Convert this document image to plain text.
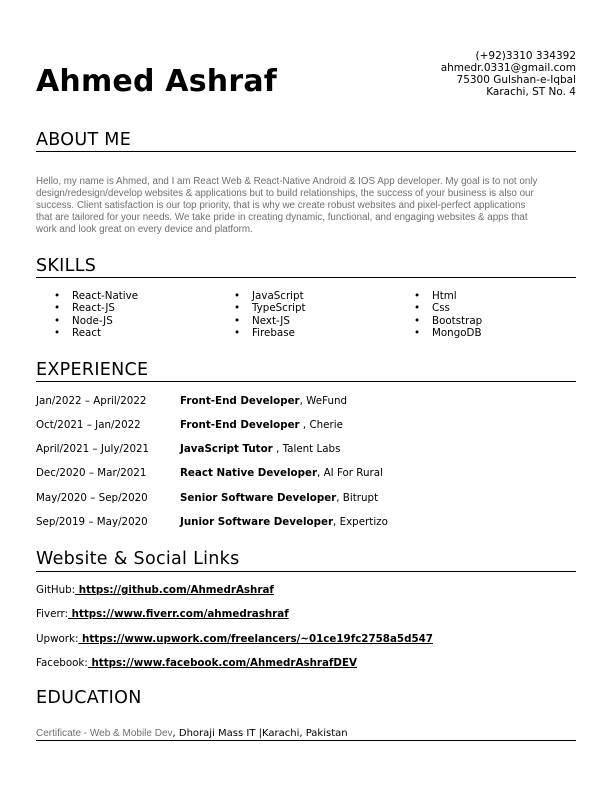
Ahmed Ashraf
(+92)3310 334392
ahmedr.0331@gmail.com
75300 Gulshan-e-Iqbal
Karachi, ST No. 4
ABOUT ME
Hello, my name is Ahmed, and I am React Web & React-Native Android & IOS App developer. My goal is to not only design/redesign/develop websites & applications but to build relationships, the success of your business is also our success. Client satisfaction is our top priority, that is why we create robust websites and pixel-perfect applications that are tailored for your needs. We take pride in creating dynamic, functional, and engaging websites & apps that work and look great on every device and platform.
SKILLS
• React-Native
• React-JS
• Node-JS
• React
• JavaScript
• TypeScript
• Next-JS
• Firebase
• Html
• Css
• Bootstrap
• MongoDB
EXPERIENCE
Jan/2022 – April/2022	Front-End Developer, WeFund
Oct/2021 – Jan/2022	Front-End Developer , Cherie
April/2021 – July/2021	JavaScript Tutor , Talent Labs
Dec/2020 – Mar/2021	React Native Developer, AI For Rural
May/2020 – Sep/2020	Senior Software Developer, Bitrupt
Sep/2019 – May/2020	Junior Software Developer, Expertizo
Website & Social Links
GitHub: https://github.com/AhmedrAshraf
Fiverr: https://www.fiverr.com/ahmedrashraf
Upwork: https://www.upwork.com/freelancers/~01ce19fc2758a5d547
Facebook: https://www.facebook.com/AhmedrAshrafDEV
EDUCATION
Certificate - Web & Mobile Dev, Dhoraji Mass IT |Karachi, Pakistan
